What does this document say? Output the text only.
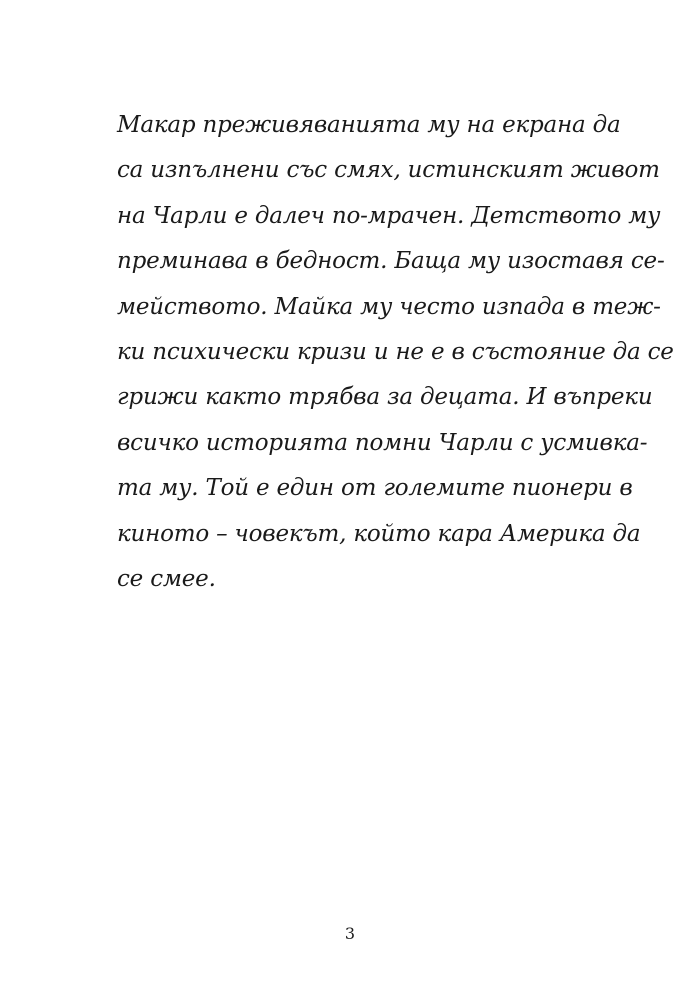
Макар преживяванията му на екрана да
са изпълнени със смях, истинският живот
на Чарли е далеч по-мрачен. Детството му
преминава в бедност. Баща му изоставя се-
мейството. Майка му често изпада в теж-
ки психически кризи и не е в състояние да се
грижи както трябва за децата. И въпреки
всичко историята помни Чарли с усмивка-
та му. Той е един от големите пионери в
киното – човекът, който кара Америка да
се смее.
3
